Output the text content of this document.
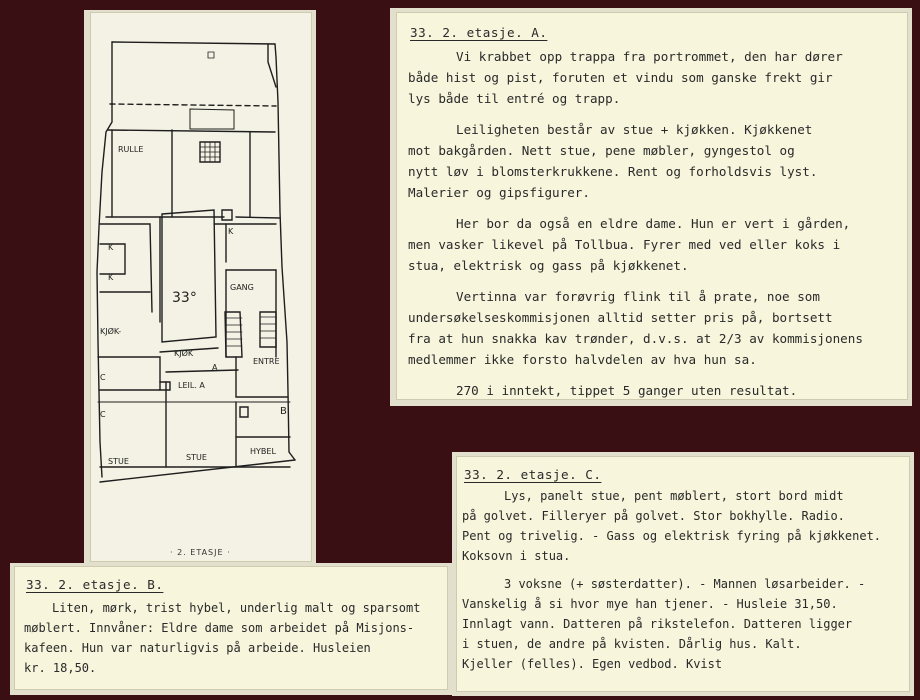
RULLE
K
K
K
33°
GANG
KJØK-
KJØK
A
ENTRE
C
C
LEIL. A
B
STUE	STUE
HYBEL
· 2. ETASJE ·
33. 2. etasje. A.

Vi krabbet opp trappa fra portrommet, den har dører
både hist og pist, foruten et vindu som ganske frekt gir
lys både til entré og trapp.

Leiligheten består av stue + kjøkken. Kjøkkenet
mot bakgården. Nett stue, pene møbler, gyngestol og
nytt løv i blomsterkrukkene. Rent og forholdsvis lyst.
Malerier og gipsfigurer.

Her bor da også en eldre dame. Hun er vert i gården,
men vasker likevel på Tollbua. Fyrer med ved eller koks i
stua, elektrisk og gass på kjøkkenet.

Vertinna var forøvrig flink til å prate, noe som
undersøkelseskommisjonen alltid setter pris på, bortsett
fra at hun snakka kav trønder, d.v.s. at 2/3 av kommisjonens
medlemmer ikke forsto halvdelen av hva hun sa.

270 i inntekt, tippet 5 ganger uten resultat.

33. 2. etasje. B.

Liten, mørk, trist hybel, underlig malt og sparsomt
møblert. Innvåner: Eldre dame som arbeidet på Misjons-
kafeen. Hun var naturligvis på arbeide. Husleien
kr. 18,50.

33. 2. etasje. C.

Lys, panelt stue, pent møblert, stort bord midt
på golvet. Filleryer på golvet. Stor bokhylle. Radio.
Pent og trivelig. - Gass og elektrisk fyring på kjøkkenet.
Koksovn i stua.

3 voksne (+ søsterdatter). - Mannen løsarbeider. -
Vanskelig å si hvor mye han tjener. - Husleie 31,50.
Innlagt vann. Datteren på rikstelefon. Datteren ligger
i stuen, de andre på kvisten. Dårlig hus. Kalt.
Kjeller (felles). Egen vedbod. Kvist
